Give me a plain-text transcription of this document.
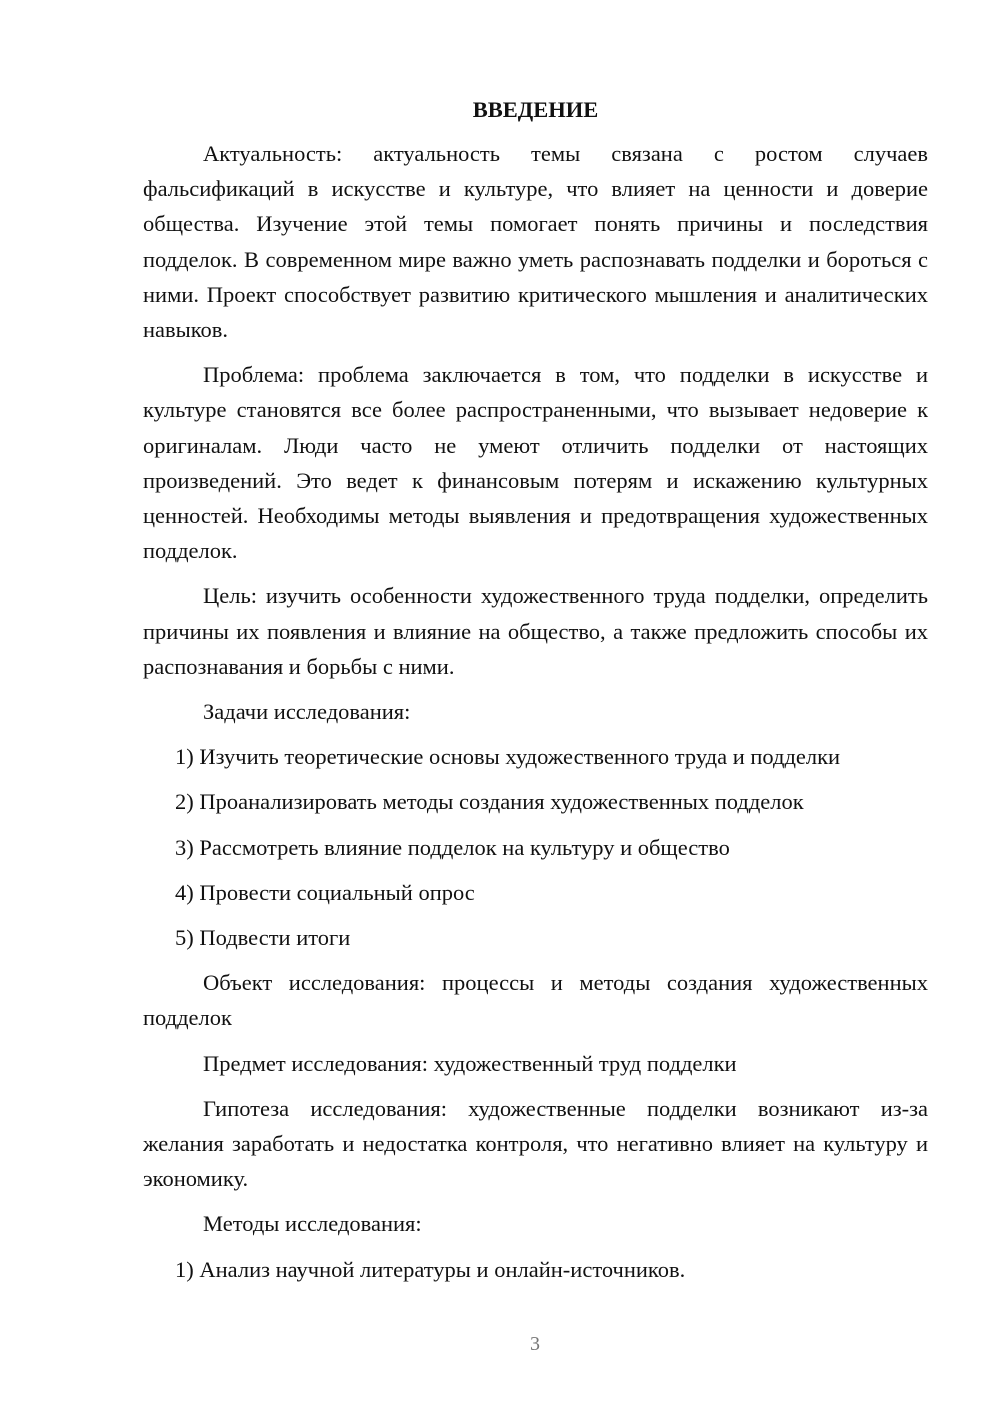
ВВЕДЕНИЕ

Актуальность: актуальность темы связана с ростом случаев фальсификаций в искусстве и культуре, что влияет на ценности и доверие общества. Изучение этой темы помогает понять причины и последствия подделок. В современном мире важно уметь распознавать подделки и бороться с ними. Проект способствует развитию критического мышления и аналитических навыков.

Проблема: проблема заключается в том, что подделки в искусстве и культуре становятся все более распространенными, что вызывает недоверие к оригиналам. Люди часто не умеют отличить подделки от настоящих произведений. Это ведет к финансовым потерям и искажению культурных ценностей. Необходимы методы выявления и предотвращения художественных подделок.

Цель: изучить особенности художественного труда подделки, определить причины их появления и влияние на общество, а также предложить способы их распознавания и борьбы с ними.

Задачи исследования:

1) Изучить теоретические основы художественного труда и подделки

2) Проанализировать методы создания художественных подделок

3) Рассмотреть влияние подделок на культуру и общество

4) Провести социальный опрос

5) Подвести итоги

Объект исследования: процессы и методы создания художественных подделок

Предмет исследования: художественный труд подделки

Гипотеза исследования: художественные подделки возникают из-за желания заработать и недостатка контроля, что негативно влияет на культуру и экономику.

Методы исследования:

1) Анализ научной литературы и онлайн-источников.

3
